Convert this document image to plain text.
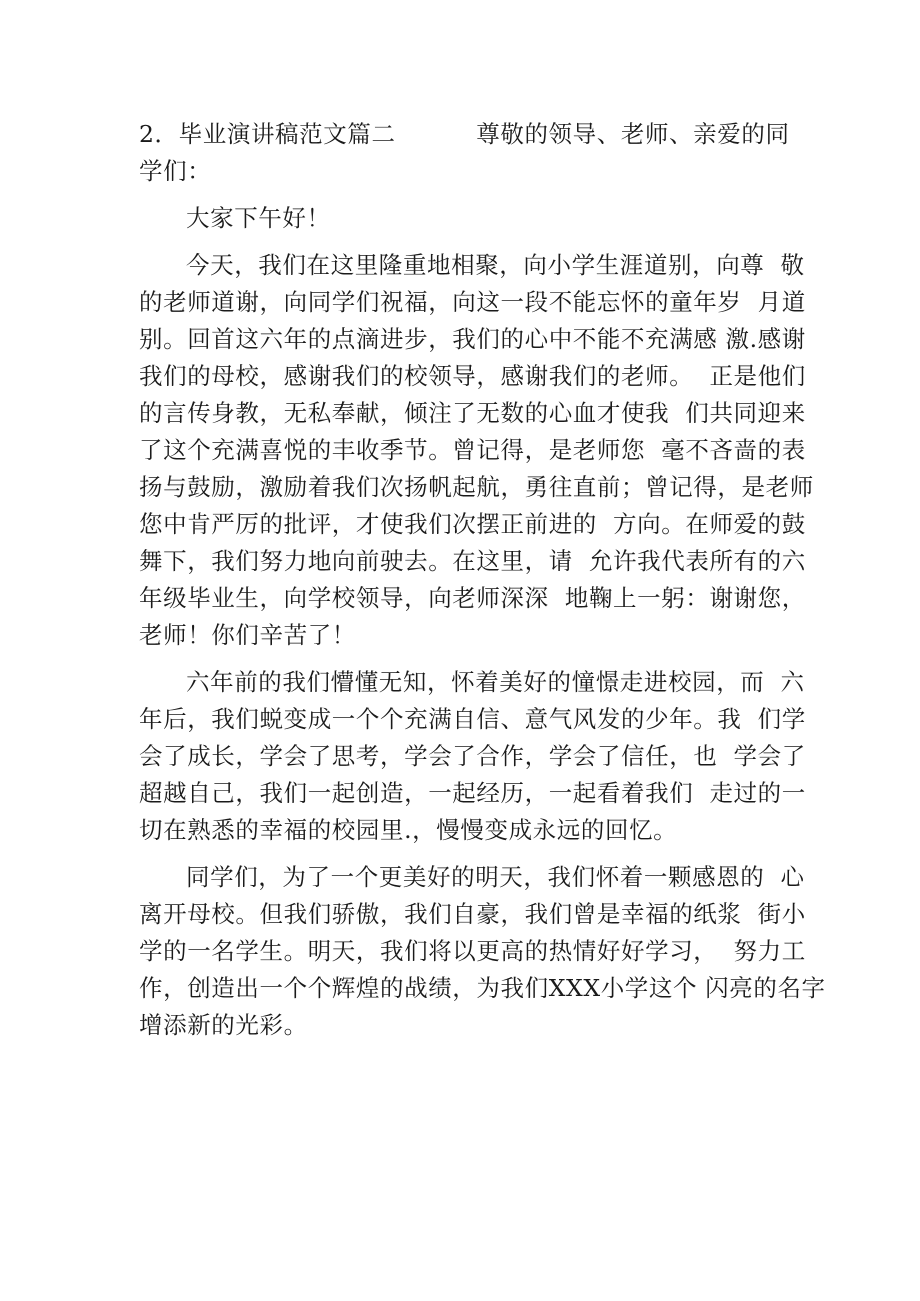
2．毕业演讲稿范文篇二          尊敬的领导、老师、亲爱的同
学们：
大家下午好！
今天，我们在这里隆重地相聚，向小学生涯道别，向尊  敬
的老师道谢，向同学们祝福，向这一段不能忘怀的童年岁  月道
别。回首这六年的点滴进步，我们的心中不能不充满感 激.感谢
我们的母校，感谢我们的校领导，感谢我们的老师。  正是他们
的言传身教，无私奉献，倾注了无数的心血才使我  们共同迎来
了这个充满喜悦的丰收季节。曾记得，是老师您  毫不吝啬的表
扬与鼓励，激励着我们次扬帆起航，勇往直前；曾记得，是老师
您中肯严厉的批评，才使我们次摆正前进的  方向。在师爱的鼓
舞下，我们努力地向前驶去。在这里，请  允许我代表所有的六
年级毕业生，向学校领导，向老师深深  地鞠上一躬：谢谢您，
老师！你们辛苦了！
六年前的我们懵懂无知，怀着美好的憧憬走进校园，而  六
年后，我们蜕变成一个个充满自信、意气风发的少年。我  们学
会了成长，学会了思考，学会了合作，学会了信任，也  学会了
超越自己，我们一起创造，一起经历，一起看着我们  走过的一
切在熟悉的幸福的校园里.，慢慢变成永远的回忆。
同学们，为了一个更美好的明天，我们怀着一颗感恩的  心
离开母校。但我们骄傲，我们自豪，我们曾是幸福的纸浆  街小
学的一名学生。明天，我们将以更高的热情好好学习，  努力工
作，创造出一个个辉煌的战绩，为我们XXX小学这个 闪亮的名字
增添新的光彩。
